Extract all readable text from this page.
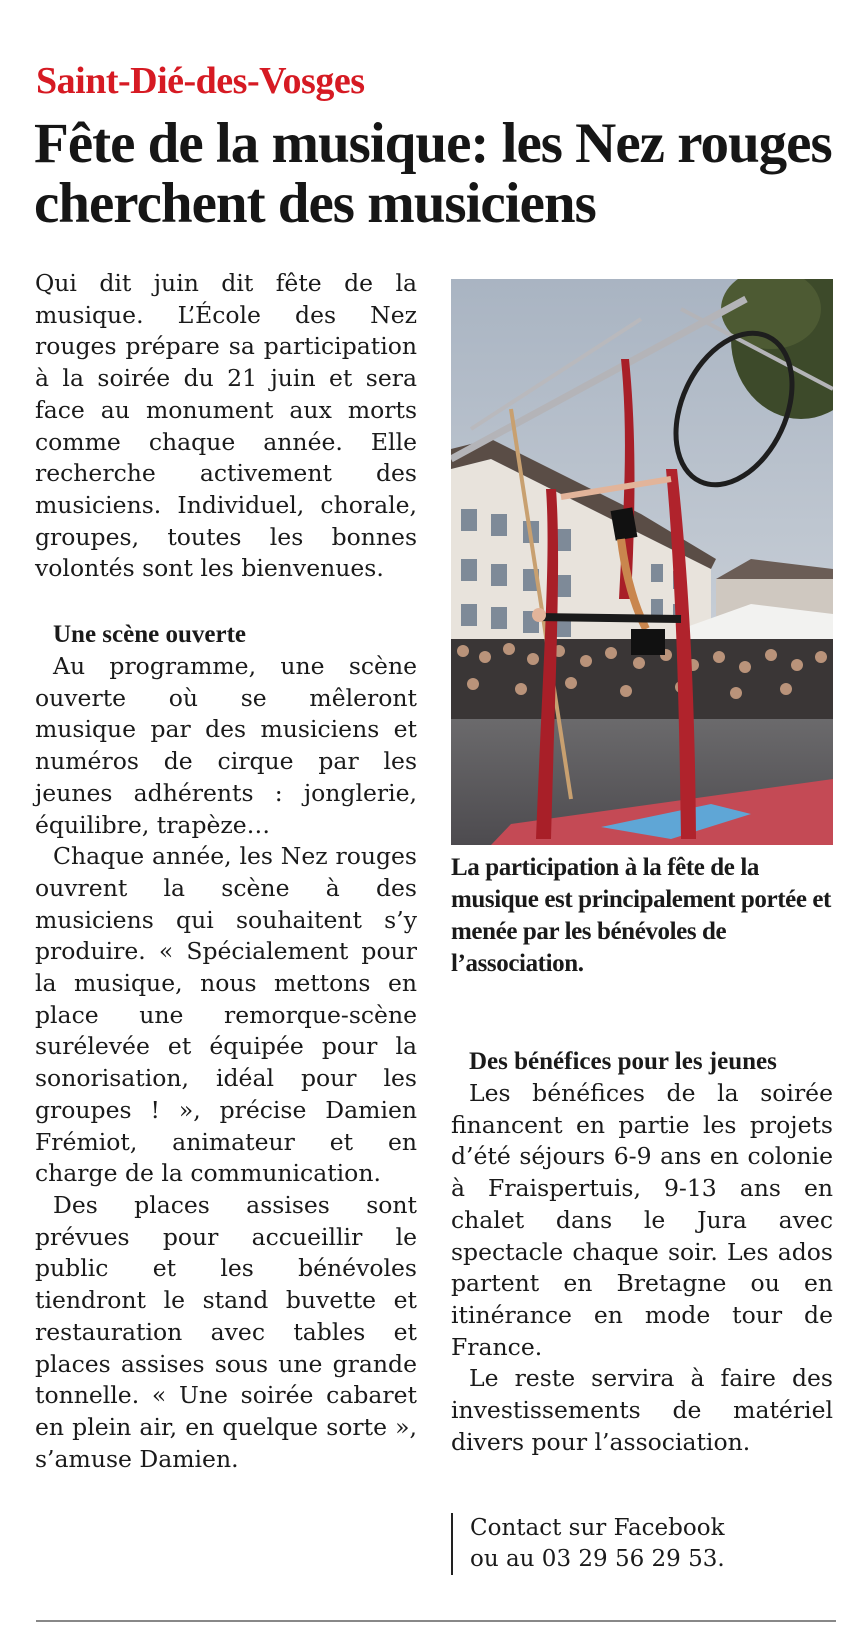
Saint-Dié-des-Vosges
Fête de la musique: les Nez rouges cherchent des musiciens

Qui dit juin dit fête de la musique. L’École des Nez rouges prépare sa participation à la soirée du 21 juin et sera face au monument aux morts comme chaque année. Elle recherche activement des musiciens. Individuel, chorale, groupes, toutes les bonnes volontés sont les bienvenues.

Une scène ouverte

Au programme, une scène ouverte où se mêleront musique par des musiciens et numéros de cirque par les jeunes adhérents : jonglerie, équilibre, trapèze…

Chaque année, les Nez rouges ouvrent la scène à des musiciens qui souhaitent s’y produire. « Spécialement pour la musique, nous mettons en place une remorque-scène surélevée et équipée pour la sonorisation, idéal pour les groupes ! », précise Damien Frémiot, animateur et en charge de la communication.

Des places assises sont prévues pour accueillir le public et les bénévoles tiendront le stand buvette et restauration avec tables et places assises sous une grande tonnelle. « Une soirée cabaret en plein air, en quelque sorte », s’amuse Damien.

La participation à la fête de la musique est principalement portée et menée par les bénévoles de l’association.
Des bénéfices pour les jeunes

Les bénéfices de la soirée financent en partie les projets d’été séjours 6-9 ans en colonie à Fraispertuis, 9-13 ans en chalet dans le Jura avec spectacle chaque soir. Les ados partent en Bretagne ou en itinérance en mode tour de France.

Le reste servira à faire des investissements de matériel divers pour l’association.

Contact sur Facebook
ou au 03 29 56 29 53.
